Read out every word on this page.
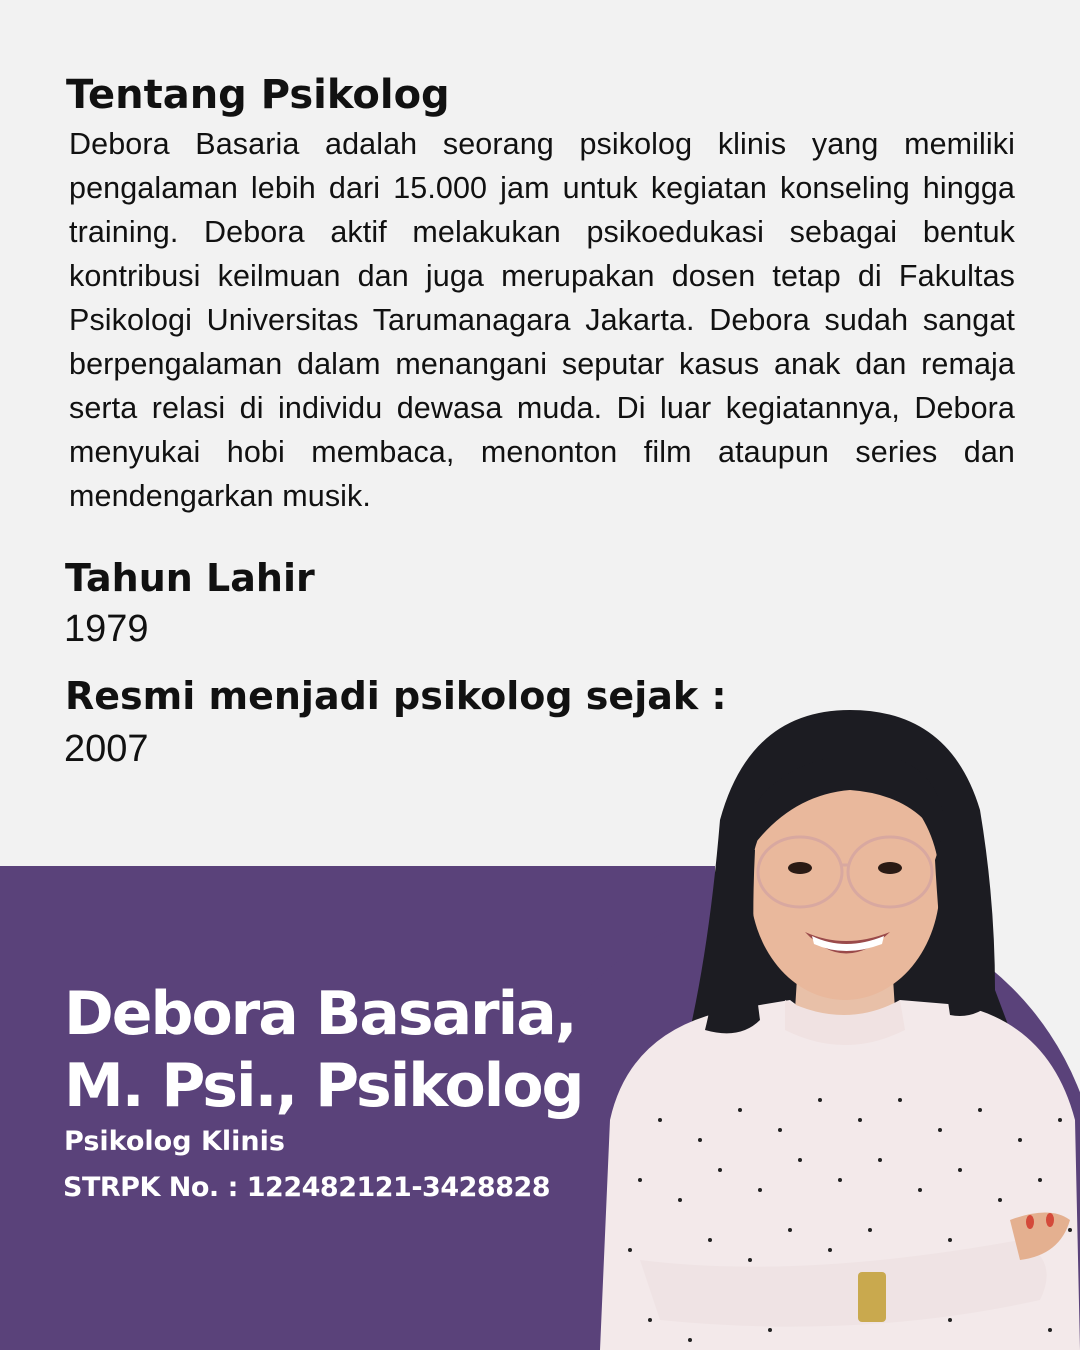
Tentang Psikolog
Debora Basaria adalah seorang psikolog klinis yang memiliki pengalaman lebih dari 15.000 jam untuk kegiatan konseling hingga training. Debora aktif melakukan psikoedukasi sebagai bentuk kontribusi keilmuan dan juga merupakan dosen tetap di Fakultas Psikologi Universitas Tarumanagara Jakarta. Debora sudah sangat berpengalaman dalam menangani seputar kasus anak dan remaja serta relasi di individu dewasa muda. Di luar kegiatannya, Debora menyukai hobi membaca, menonton film ataupun series dan mendengarkan musik.
Tahun Lahir
1979
Resmi menjadi psikolog sejak :
2007
Debora Basaria,
M. Psi., Psikolog
Psikolog Klinis
STRPK No. : 122482121-3428828
